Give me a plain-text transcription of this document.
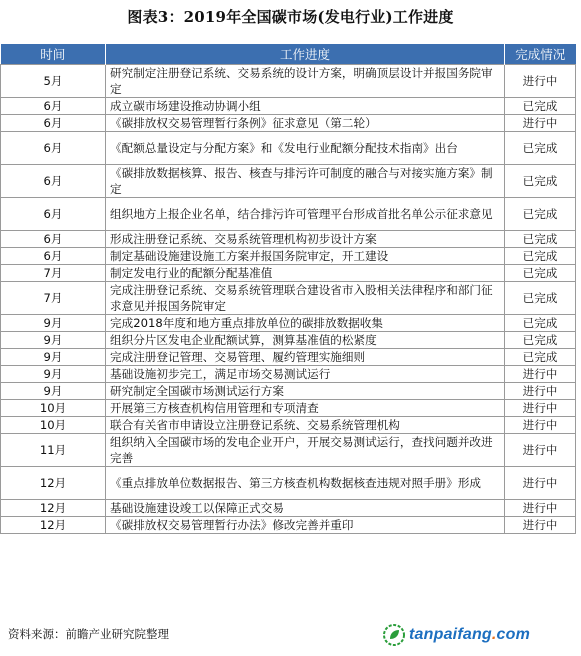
图表3：2019年全国碳市场(发电行业)工作进度
时间	工作进度	完成情况
5月	研究制定注册登记系统、交易系统的设计方案，明确顶层设计并报国务院审定	进行中
6月	成立碳市场建设推动协调小组	已完成
6月	《碳排放权交易管理暂行条例》征求意见（第二轮）	进行中
6月	《配额总量设定与分配方案》和《发电行业配额分配技术指南》出台	已完成
6月	《碳排放数据核算、报告、核查与排污许可制度的融合与对接实施方案》制定	已完成
6月	组织地方上报企业名单，结合排污许可管理平台形成首批名单公示征求意见	已完成
6月	形成注册登记系统、交易系统管理机构初步设计方案	已完成
6月	制定基础设施建设施工方案并报国务院审定，开工建设	已完成
7月	制定发电行业的配额分配基准值	已完成
7月	完成注册登记系统、交易系统管理联合建设省市入股相关法律程序和部门征求意见并报国务院审定	已完成
9月	完成2018年度和地方重点排放单位的碳排放数据收集	已完成
9月	组织分片区发电企业配额试算，测算基准值的松紧度	已完成
9月	完成注册登记管理、交易管理、履约管理实施细则	已完成
9月	基础设施初步完工，满足市场交易测试运行	进行中
9月	研究制定全国碳市场测试运行方案	进行中
10月	开展第三方核查机构信用管理和专项清查	进行中
10月	联合有关省市申请设立注册登记系统、交易系统管理机构	进行中
11月	组织纳入全国碳市场的发电企业开户，开展交易测试运行，查找问题并改进完善	进行中
12月	《重点排放单位数据报告、第三方核查机构数据核查违规对照手册》形成	进行中
12月	基础设施建设竣工以保障正式交易	进行中
12月	《碳排放权交易管理暂行办法》修改完善并重印	进行中
资料来源：前瞻产业研究院整理	tanpaifang.com
